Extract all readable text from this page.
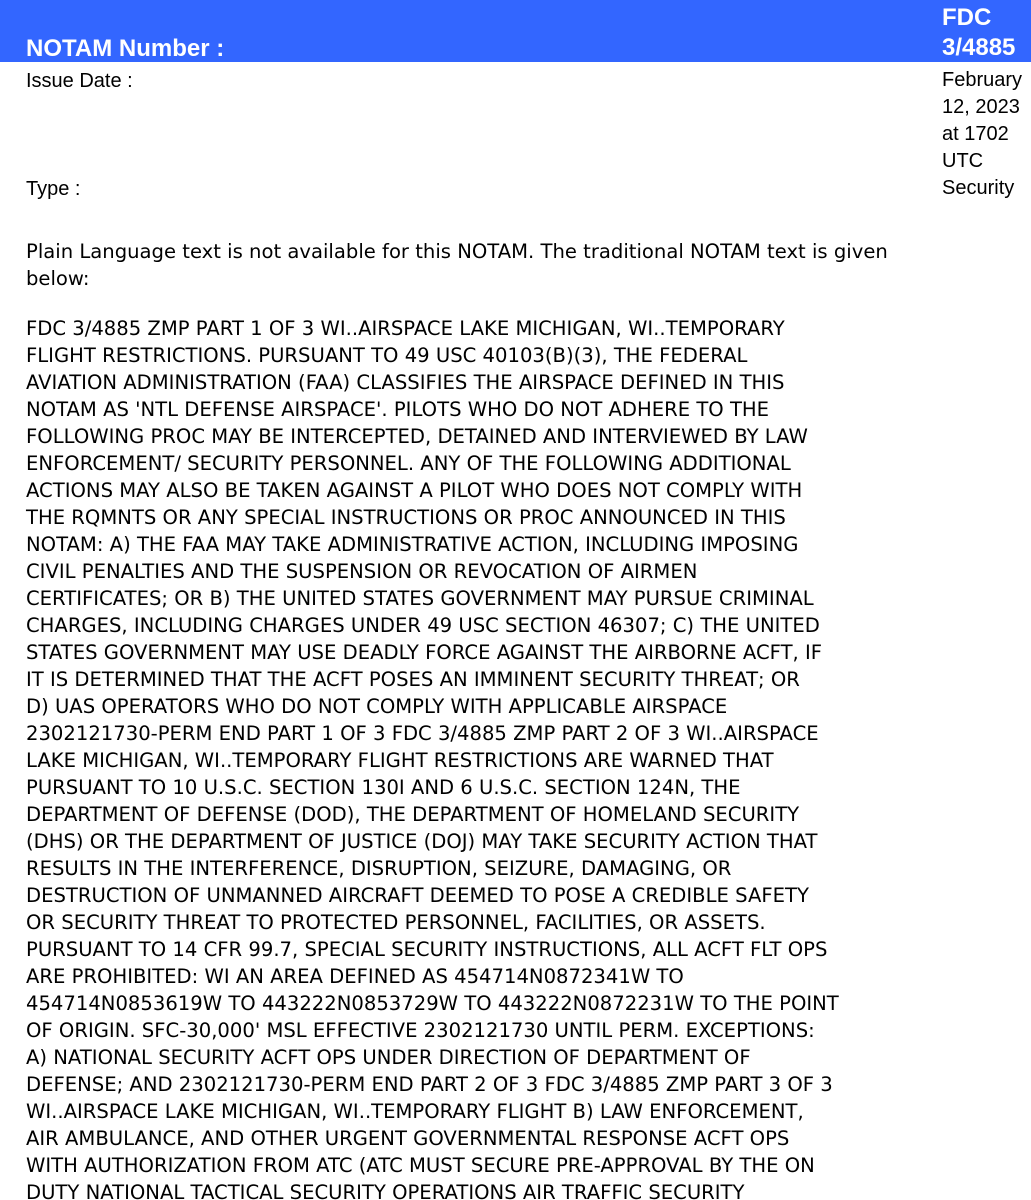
NOTAM Number :
FDC
3/4885
Issue Date :	February
12, 2023
at 1702
UTC
Type :	Security
Plain Language text is not available for this NOTAM. The traditional NOTAM text is given below:
FDC 3/4885 ZMP PART 1 OF 3 WI..AIRSPACE LAKE MICHIGAN, WI..TEMPORARY
FLIGHT RESTRICTIONS. PURSUANT TO 49 USC 40103(B)(3), THE FEDERAL
AVIATION ADMINISTRATION (FAA) CLASSIFIES THE AIRSPACE DEFINED IN THIS
NOTAM AS 'NTL DEFENSE AIRSPACE'. PILOTS WHO DO NOT ADHERE TO THE
FOLLOWING PROC MAY BE INTERCEPTED, DETAINED AND INTERVIEWED BY LAW
ENFORCEMENT/ SECURITY PERSONNEL. ANY OF THE FOLLOWING ADDITIONAL
ACTIONS MAY ALSO BE TAKEN AGAINST A PILOT WHO DOES NOT COMPLY WITH
THE RQMNTS OR ANY SPECIAL INSTRUCTIONS OR PROC ANNOUNCED IN THIS
NOTAM: A) THE FAA MAY TAKE ADMINISTRATIVE ACTION, INCLUDING IMPOSING
CIVIL PENALTIES AND THE SUSPENSION OR REVOCATION OF AIRMEN
CERTIFICATES; OR B) THE UNITED STATES GOVERNMENT MAY PURSUE CRIMINAL
CHARGES, INCLUDING CHARGES UNDER 49 USC SECTION 46307; C) THE UNITED
STATES GOVERNMENT MAY USE DEADLY FORCE AGAINST THE AIRBORNE ACFT, IF
IT IS DETERMINED THAT THE ACFT POSES AN IMMINENT SECURITY THREAT; OR
D) UAS OPERATORS WHO DO NOT COMPLY WITH APPLICABLE AIRSPACE
2302121730-PERM END PART 1 OF 3 FDC 3/4885 ZMP PART 2 OF 3 WI..AIRSPACE
LAKE MICHIGAN, WI..TEMPORARY FLIGHT RESTRICTIONS ARE WARNED THAT
PURSUANT TO 10 U.S.C. SECTION 130I AND 6 U.S.C. SECTION 124N, THE
DEPARTMENT OF DEFENSE (DOD), THE DEPARTMENT OF HOMELAND SECURITY
(DHS) OR THE DEPARTMENT OF JUSTICE (DOJ) MAY TAKE SECURITY ACTION THAT
RESULTS IN THE INTERFERENCE, DISRUPTION, SEIZURE, DAMAGING, OR
DESTRUCTION OF UNMANNED AIRCRAFT DEEMED TO POSE A CREDIBLE SAFETY
OR SECURITY THREAT TO PROTECTED PERSONNEL, FACILITIES, OR ASSETS.
PURSUANT TO 14 CFR 99.7, SPECIAL SECURITY INSTRUCTIONS, ALL ACFT FLT OPS
ARE PROHIBITED: WI AN AREA DEFINED AS 454714N0872341W TO
454714N0853619W TO 443222N0853729W TO 443222N0872231W TO THE POINT
OF ORIGIN. SFC-30,000' MSL EFFECTIVE 2302121730 UNTIL PERM. EXCEPTIONS:
A) NATIONAL SECURITY ACFT OPS UNDER DIRECTION OF DEPARTMENT OF
DEFENSE; AND 2302121730-PERM END PART 2 OF 3 FDC 3/4885 ZMP PART 3 OF 3
WI..AIRSPACE LAKE MICHIGAN, WI..TEMPORARY FLIGHT B) LAW ENFORCEMENT,
AIR AMBULANCE, AND OTHER URGENT GOVERNMENTAL RESPONSE ACFT OPS
WITH AUTHORIZATION FROM ATC (ATC MUST SECURE PRE-APPROVAL BY THE ON
DUTY NATIONAL TACTICAL SECURITY OPERATIONS AIR TRAFFIC SECURITY
